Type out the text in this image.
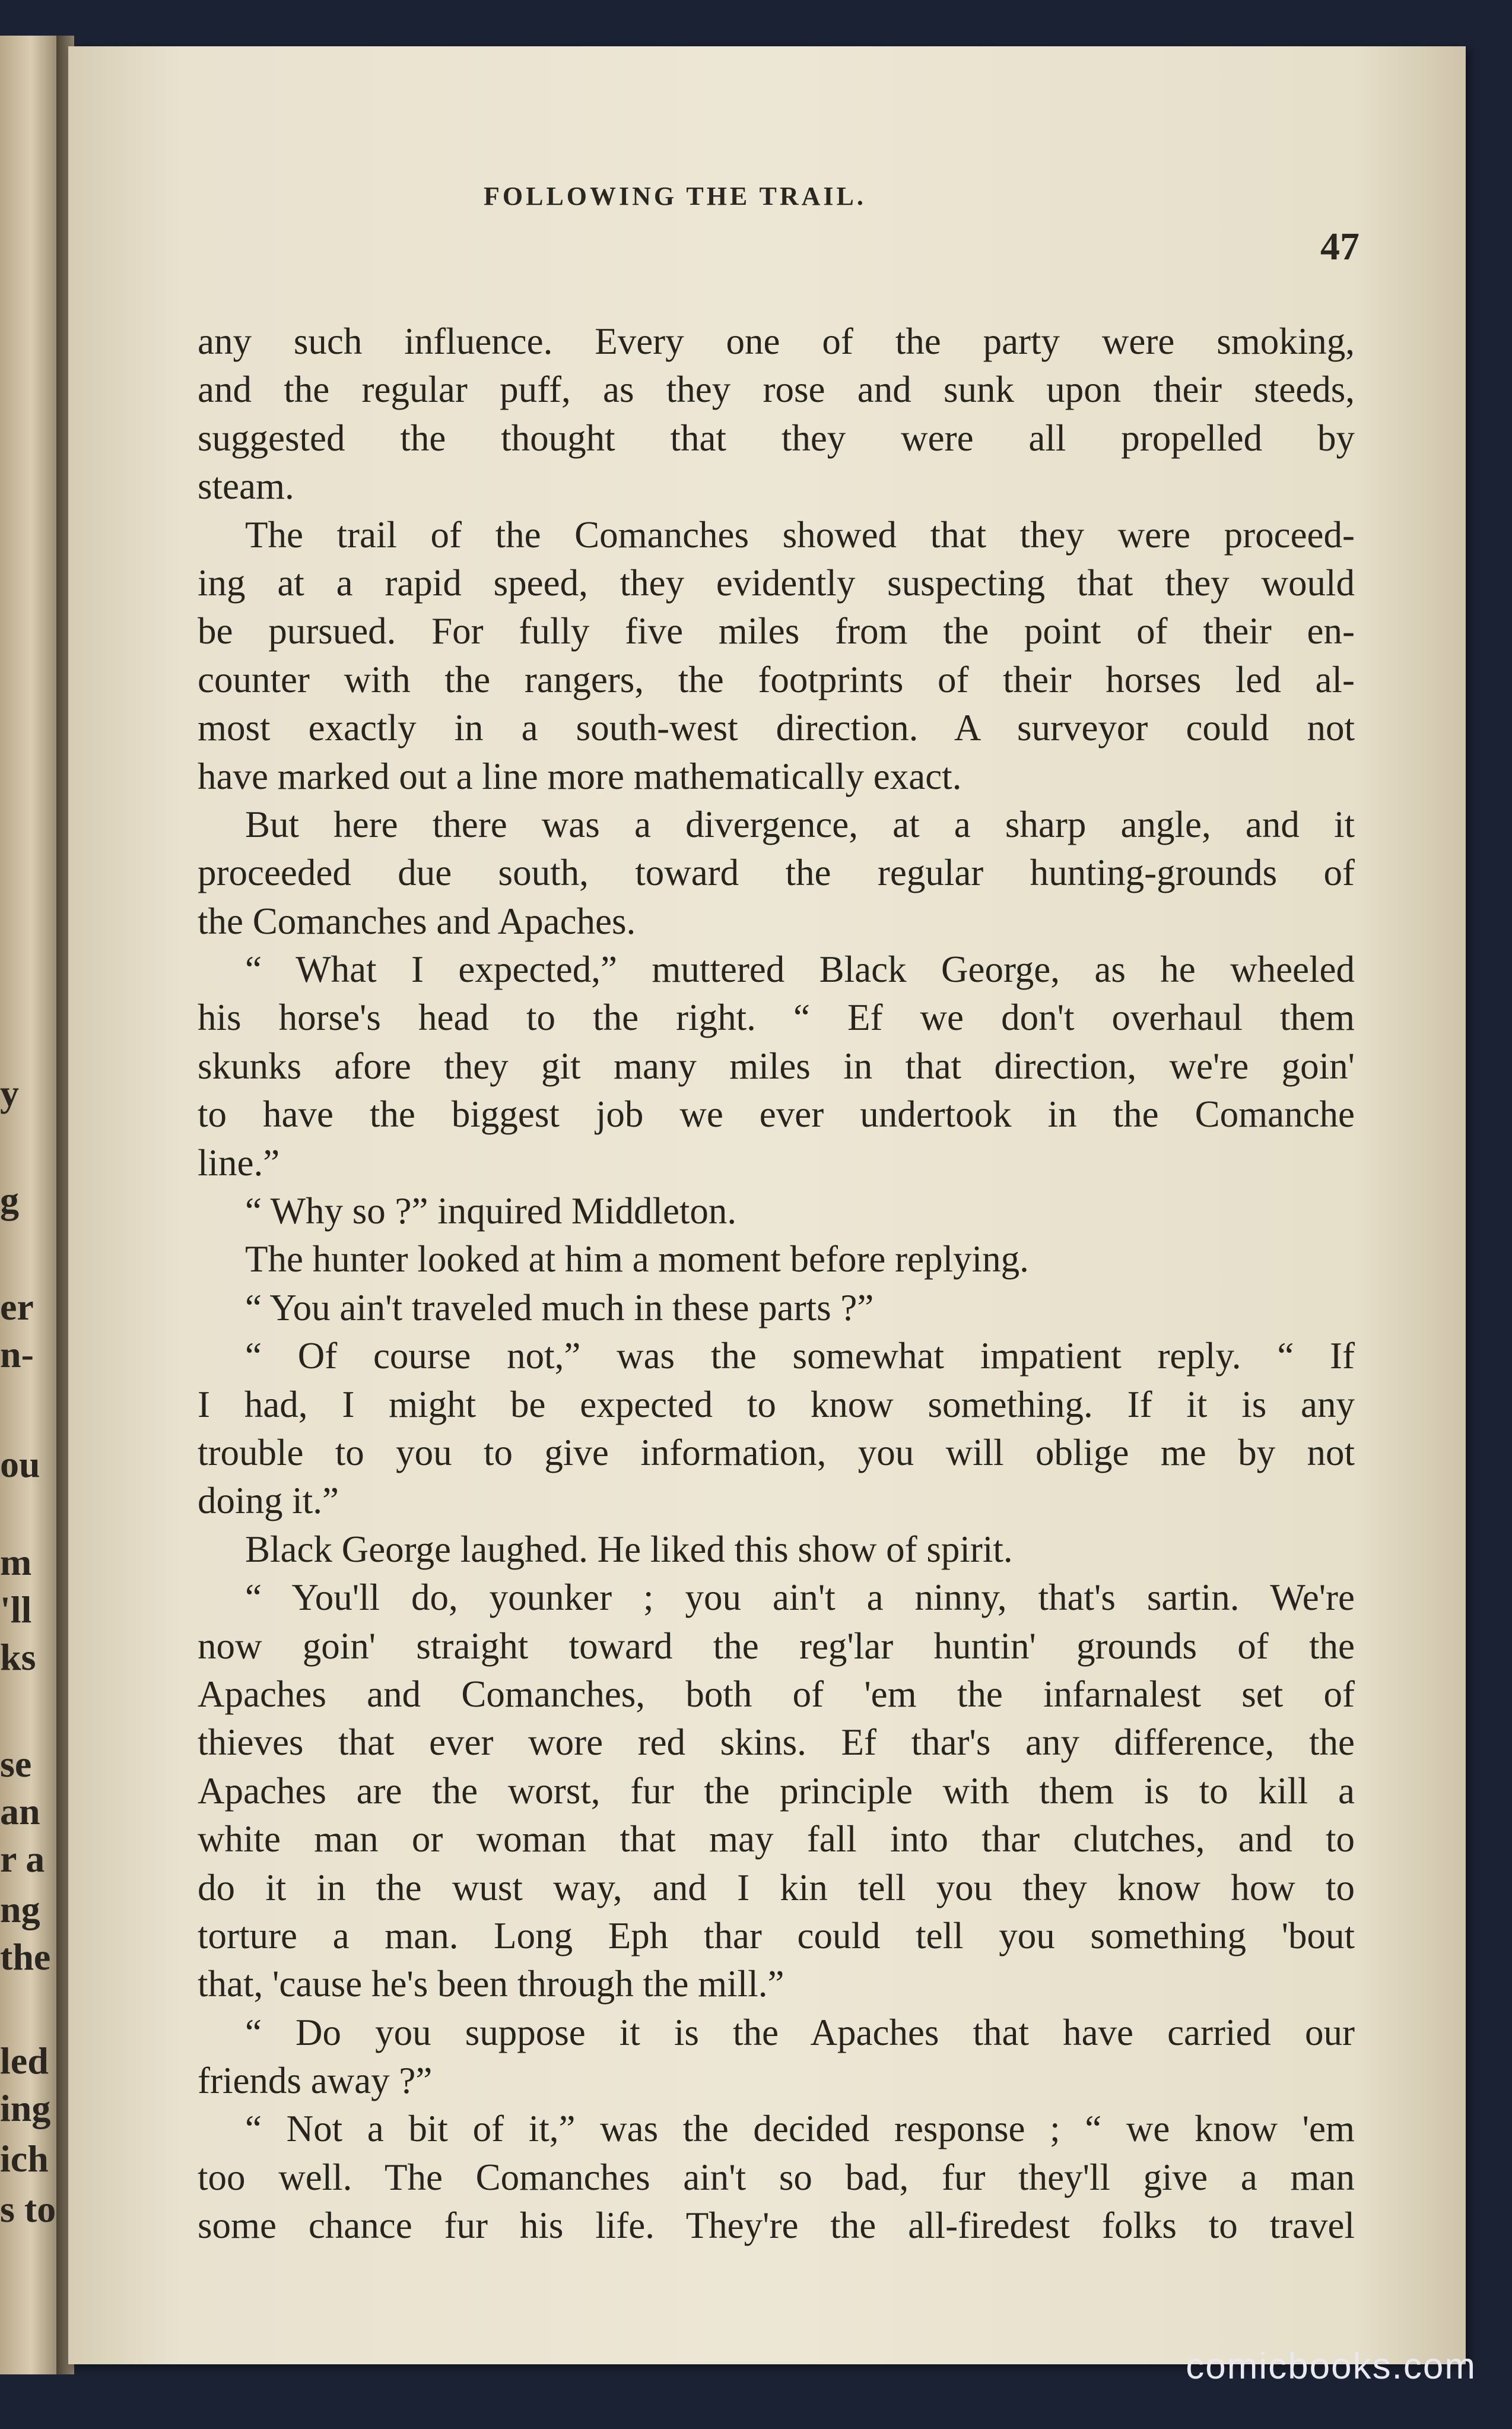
y
g
er
n-
ou
m
'll
ks
se
an
r a
ng
the
led
ing
ich
s to
FOLLOWING THE TRAIL.
47
any such influence. Every one of the party were smoking,
and the regular puff, as they rose and sunk upon their steeds,
suggested the thought that they were all propelled by
steam.
The trail of the Comanches showed that they were proceed-
ing at a rapid speed, they evidently suspecting that they would
be pursued. For fully five miles from the point of their en-
counter with the rangers, the footprints of their horses led al-
most exactly in a south-west direction. A surveyor could not
have marked out a line more mathematically exact.
But here there was a divergence, at a sharp angle, and it
proceeded due south, toward the regular hunting-grounds of
the Comanches and Apaches.
“ What I expected,” muttered Black George, as he wheeled
his horse's head to the right. “ Ef we don't overhaul them
skunks afore they git many miles in that direction, we're goin'
to have the biggest job we ever undertook in the Comanche
line.”
“ Why so ?” inquired Middleton.
The hunter looked at him a moment before replying.
“ You ain't traveled much in these parts ?”
“ Of course not,” was the somewhat impatient reply. “ If
I had, I might be expected to know something. If it is any
trouble to you to give information, you will oblige me by not
doing it.”
Black George laughed. He liked this show of spirit.
“ You'll do, younker ; you ain't a ninny, that's sartin. We're
now goin' straight toward the reg'lar huntin' grounds of the
Apaches and Comanches, both of 'em the infarnalest set of
thieves that ever wore red skins. Ef thar's any difference, the
Apaches are the worst, fur the principle with them is to kill a
white man or woman that may fall into thar clutches, and to
do it in the wust way, and I kin tell you they know how to
torture a man. Long Eph thar could tell you something 'bout
that, 'cause he's been through the mill.”
“ Do you suppose it is the Apaches that have carried our
friends away ?”
“ Not a bit of it,” was the decided response ; “ we know 'em
too well. The Comanches ain't so bad, fur they'll give a man
some chance fur his life. They're the all-firedest folks to travel
comicbooks.com
